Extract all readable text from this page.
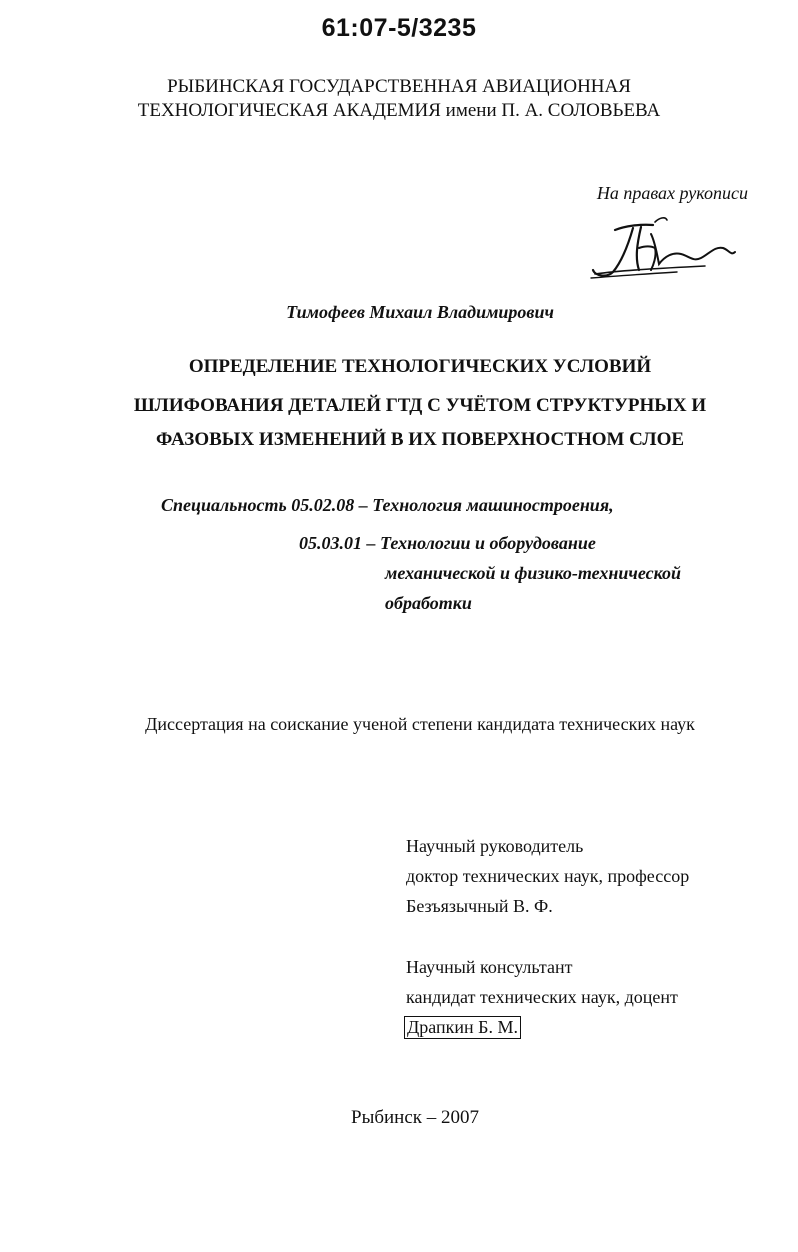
61:07-5/3235
РЫБИНСКАЯ ГОСУДАРСТВЕННАЯ АВИАЦИОННАЯ
ТЕХНОЛОГИЧЕСКАЯ АКАДЕМИЯ имени П. А. СОЛОВЬЕВА
На правах рукописи
Тимофеев Михаил Владимирович
ОПРЕДЕЛЕНИЕ ТЕХНОЛОГИЧЕСКИХ УСЛОВИЙ
ШЛИФОВАНИЯ ДЕТАЛЕЙ ГТД С УЧЁТОМ СТРУКТУРНЫХ И
ФАЗОВЫХ ИЗМЕНЕНИЙ В ИХ ПОВЕРХНОСТНОМ СЛОЕ
Специальность 05.02.08 – Технология машиностроения,
05.03.01 – Технологии и оборудование
механической и физико-технической
обработки
Диссертация на соискание ученой степени кандидата технических наук
Научный руководитель
доктор технических наук, профессор
Безъязычный В. Ф.
Научный консультант
кандидат технических наук, доцент
Драпкин Б. М.
Рыбинск – 2007
